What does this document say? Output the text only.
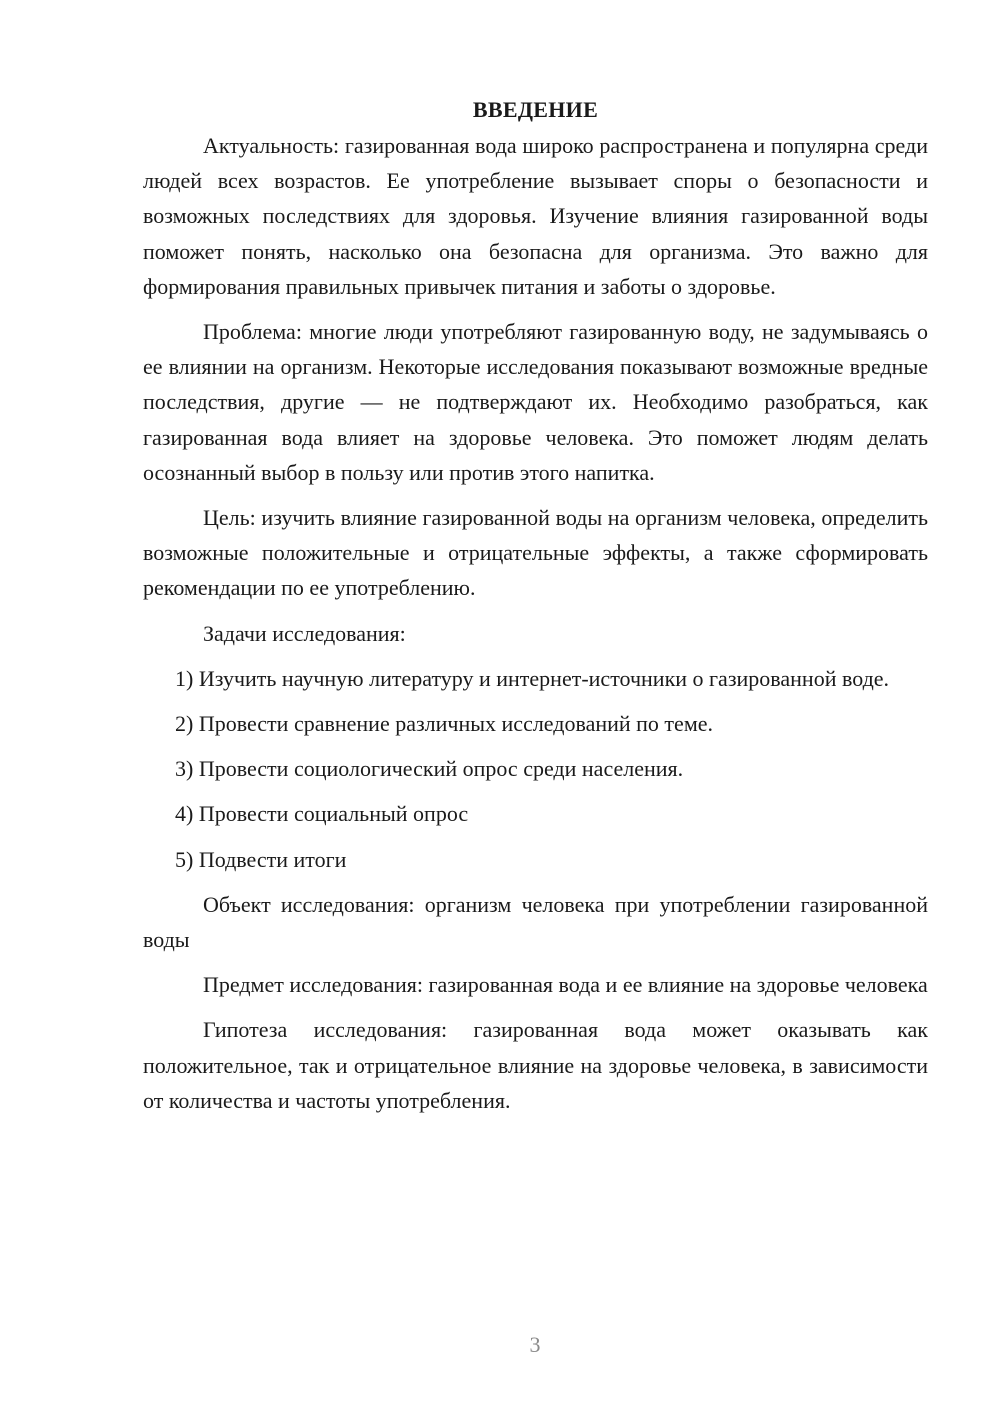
ВВЕДЕНИЕ

Актуальность: газированная вода широко распространена и популярна среди людей всех возрастов. Ее употребление вызывает споры о безопасности и возможных последствиях для здоровья. Изучение влияния газированной воды поможет понять, насколько она безопасна для организма. Это важно для формирования правильных привычек питания и заботы о здоровье.

Проблема: многие люди употребляют газированную воду, не задумываясь о ее влиянии на организм. Некоторые исследования показывают возможные вредные последствия, другие — не подтверждают их. Необходимо разобраться, как газированная вода влияет на здоровье человека. Это поможет людям делать осознанный выбор в пользу или против этого напитка.

Цель: изучить влияние газированной воды на организм человека, определить возможные положительные и отрицательные эффекты, а также сформировать рекомендации по ее употреблению.

Задачи исследования:

1) Изучить научную литературу и интернет-источники о газированной воде.

2) Провести сравнение различных исследований по теме.

3) Провести социологический опрос среди населения.

4) Провести социальный опрос

5) Подвести итоги

Объект исследования: организм человека при употреблении газированной воды

Предмет исследования: газированная вода и ее влияние на здоровье человека

Гипотеза исследования: газированная вода может оказывать как положительное, так и отрицательное влияние на здоровье человека, в зависимости от количества и частоты употребления.

3
